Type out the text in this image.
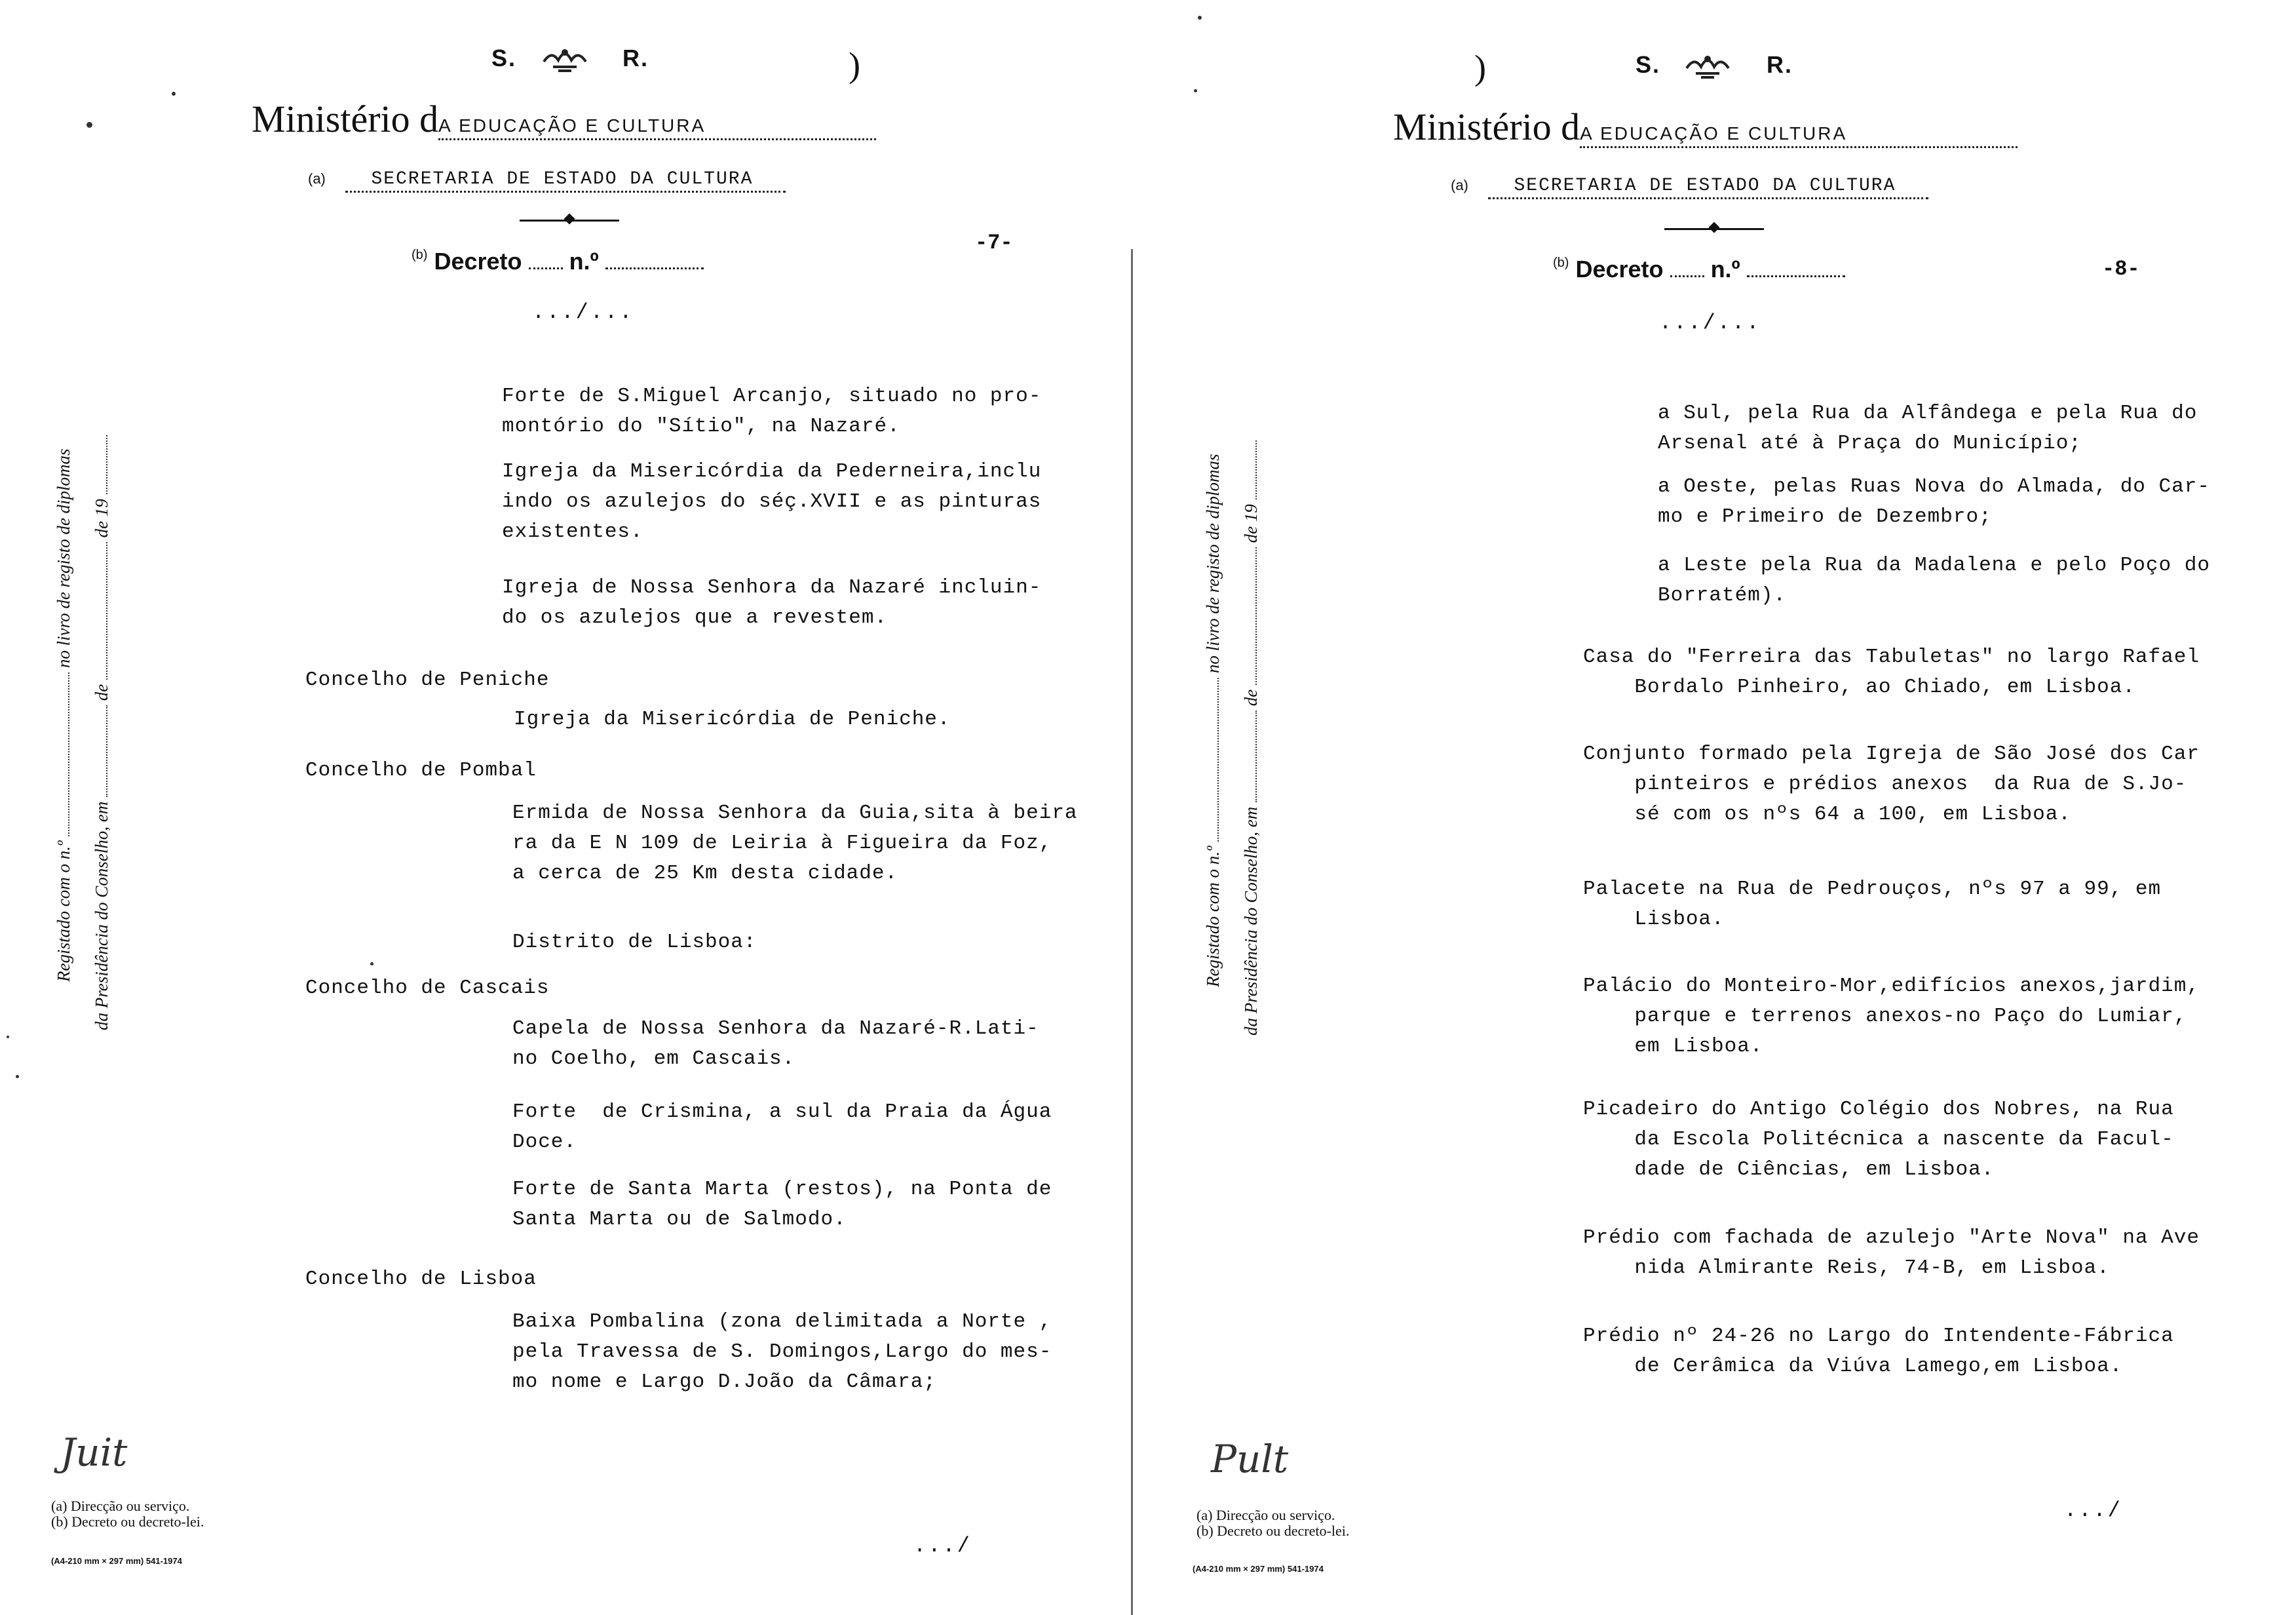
S.	R.	)
Ministério dA EDUCAÇÃO E CULTURA
(a) SECRETARIA DE ESTADO DA CULTURA
$^{(b)}$ Decreto n.º
-7-
.../...
Registado com o n.º  no livro de registo de diplomas
da Presidência do Conselho, em  de  de 19
Forte de S.Miguel Arcanjo, situado no pro-
montório do "Sítio", na Nazaré.
Igreja da Misericórdia da Pederneira,inclu
indo os azulejos do séç.XVII e as pinturas
existentes.
Igreja de Nossa Senhora da Nazaré incluin-
do os azulejos que a revestem.
Concelho de Peniche
Igreja da Misericórdia de Peniche.
Concelho de Pombal
Ermida de Nossa Senhora da Guia,sita à beira
ra da E N 109 de Leiria à Figueira da Foz,
a cerca de 25 Km desta cidade.
Distrito de Lisboa:
Concelho de Cascais
Capela de Nossa Senhora da Nazaré-R.Lati-
no Coelho, em Cascais.
Forte  de Crismina, a sul da Praia da Água
Doce.
Forte de Santa Marta (restos), na Ponta de
Santa Marta ou de Salmodo.
Concelho de Lisboa
Baixa Pombalina (zona delimitada a Norte ,
pela Travessa de S. Domingos,Largo do mes-
mo nome e Largo D.João da Câmara;
Juit
(a) Direcção ou serviço.
(b) Decreto ou decreto-lei.
(A4-210 mm × 297 mm) 541-1974
.../
)	S.	R.
Ministério dA EDUCAÇÃO E CULTURA
(a) SECRETARIA DE ESTADO DA CULTURA
$^{(b)}$ Decreto n.º	-8-
.../...
Registado com o n.º  no livro de registo de diplomas
da Presidência do Conselho, em  de  de 19
a Sul, pela Rua da Alfândega e pela Rua do
Arsenal até à Praça do Município;
a Oeste, pelas Ruas Nova do Almada, do Car-
mo e Primeiro de Dezembro;
a Leste pela Rua da Madalena e pelo Poço do
Borratém).
Casa do "Ferreira das Tabuletas" no largo Rafael
Bordalo Pinheiro, ao Chiado, em Lisboa.
Conjunto formado pela Igreja de São José dos Car
pinteiros e prédios anexos  da Rua de S.Jo-
sé com os nºs 64 a 100, em Lisboa.
Palacete na Rua de Pedrouços, nºs 97 a 99, em
Lisboa.
Palácio do Monteiro-Mor,edifícios anexos,jardim,
parque e terrenos anexos-no Paço do Lumiar,
em Lisboa.
Picadeiro do Antigo Colégio dos Nobres, na Rua
da Escola Politécnica a nascente da Facul-
dade de Ciências, em Lisboa.
Prédio com fachada de azulejo "Arte Nova" na Ave
nida Almirante Reis, 74-B, em Lisboa.
Prédio nº 24-26 no Largo do Intendente-Fábrica
de Cerâmica da Viúva Lamego,em Lisboa.
Pult
(a) Direcção ou serviço.
(b) Decreto ou decreto-lei.
(A4-210 mm × 297 mm) 541-1974
.../
